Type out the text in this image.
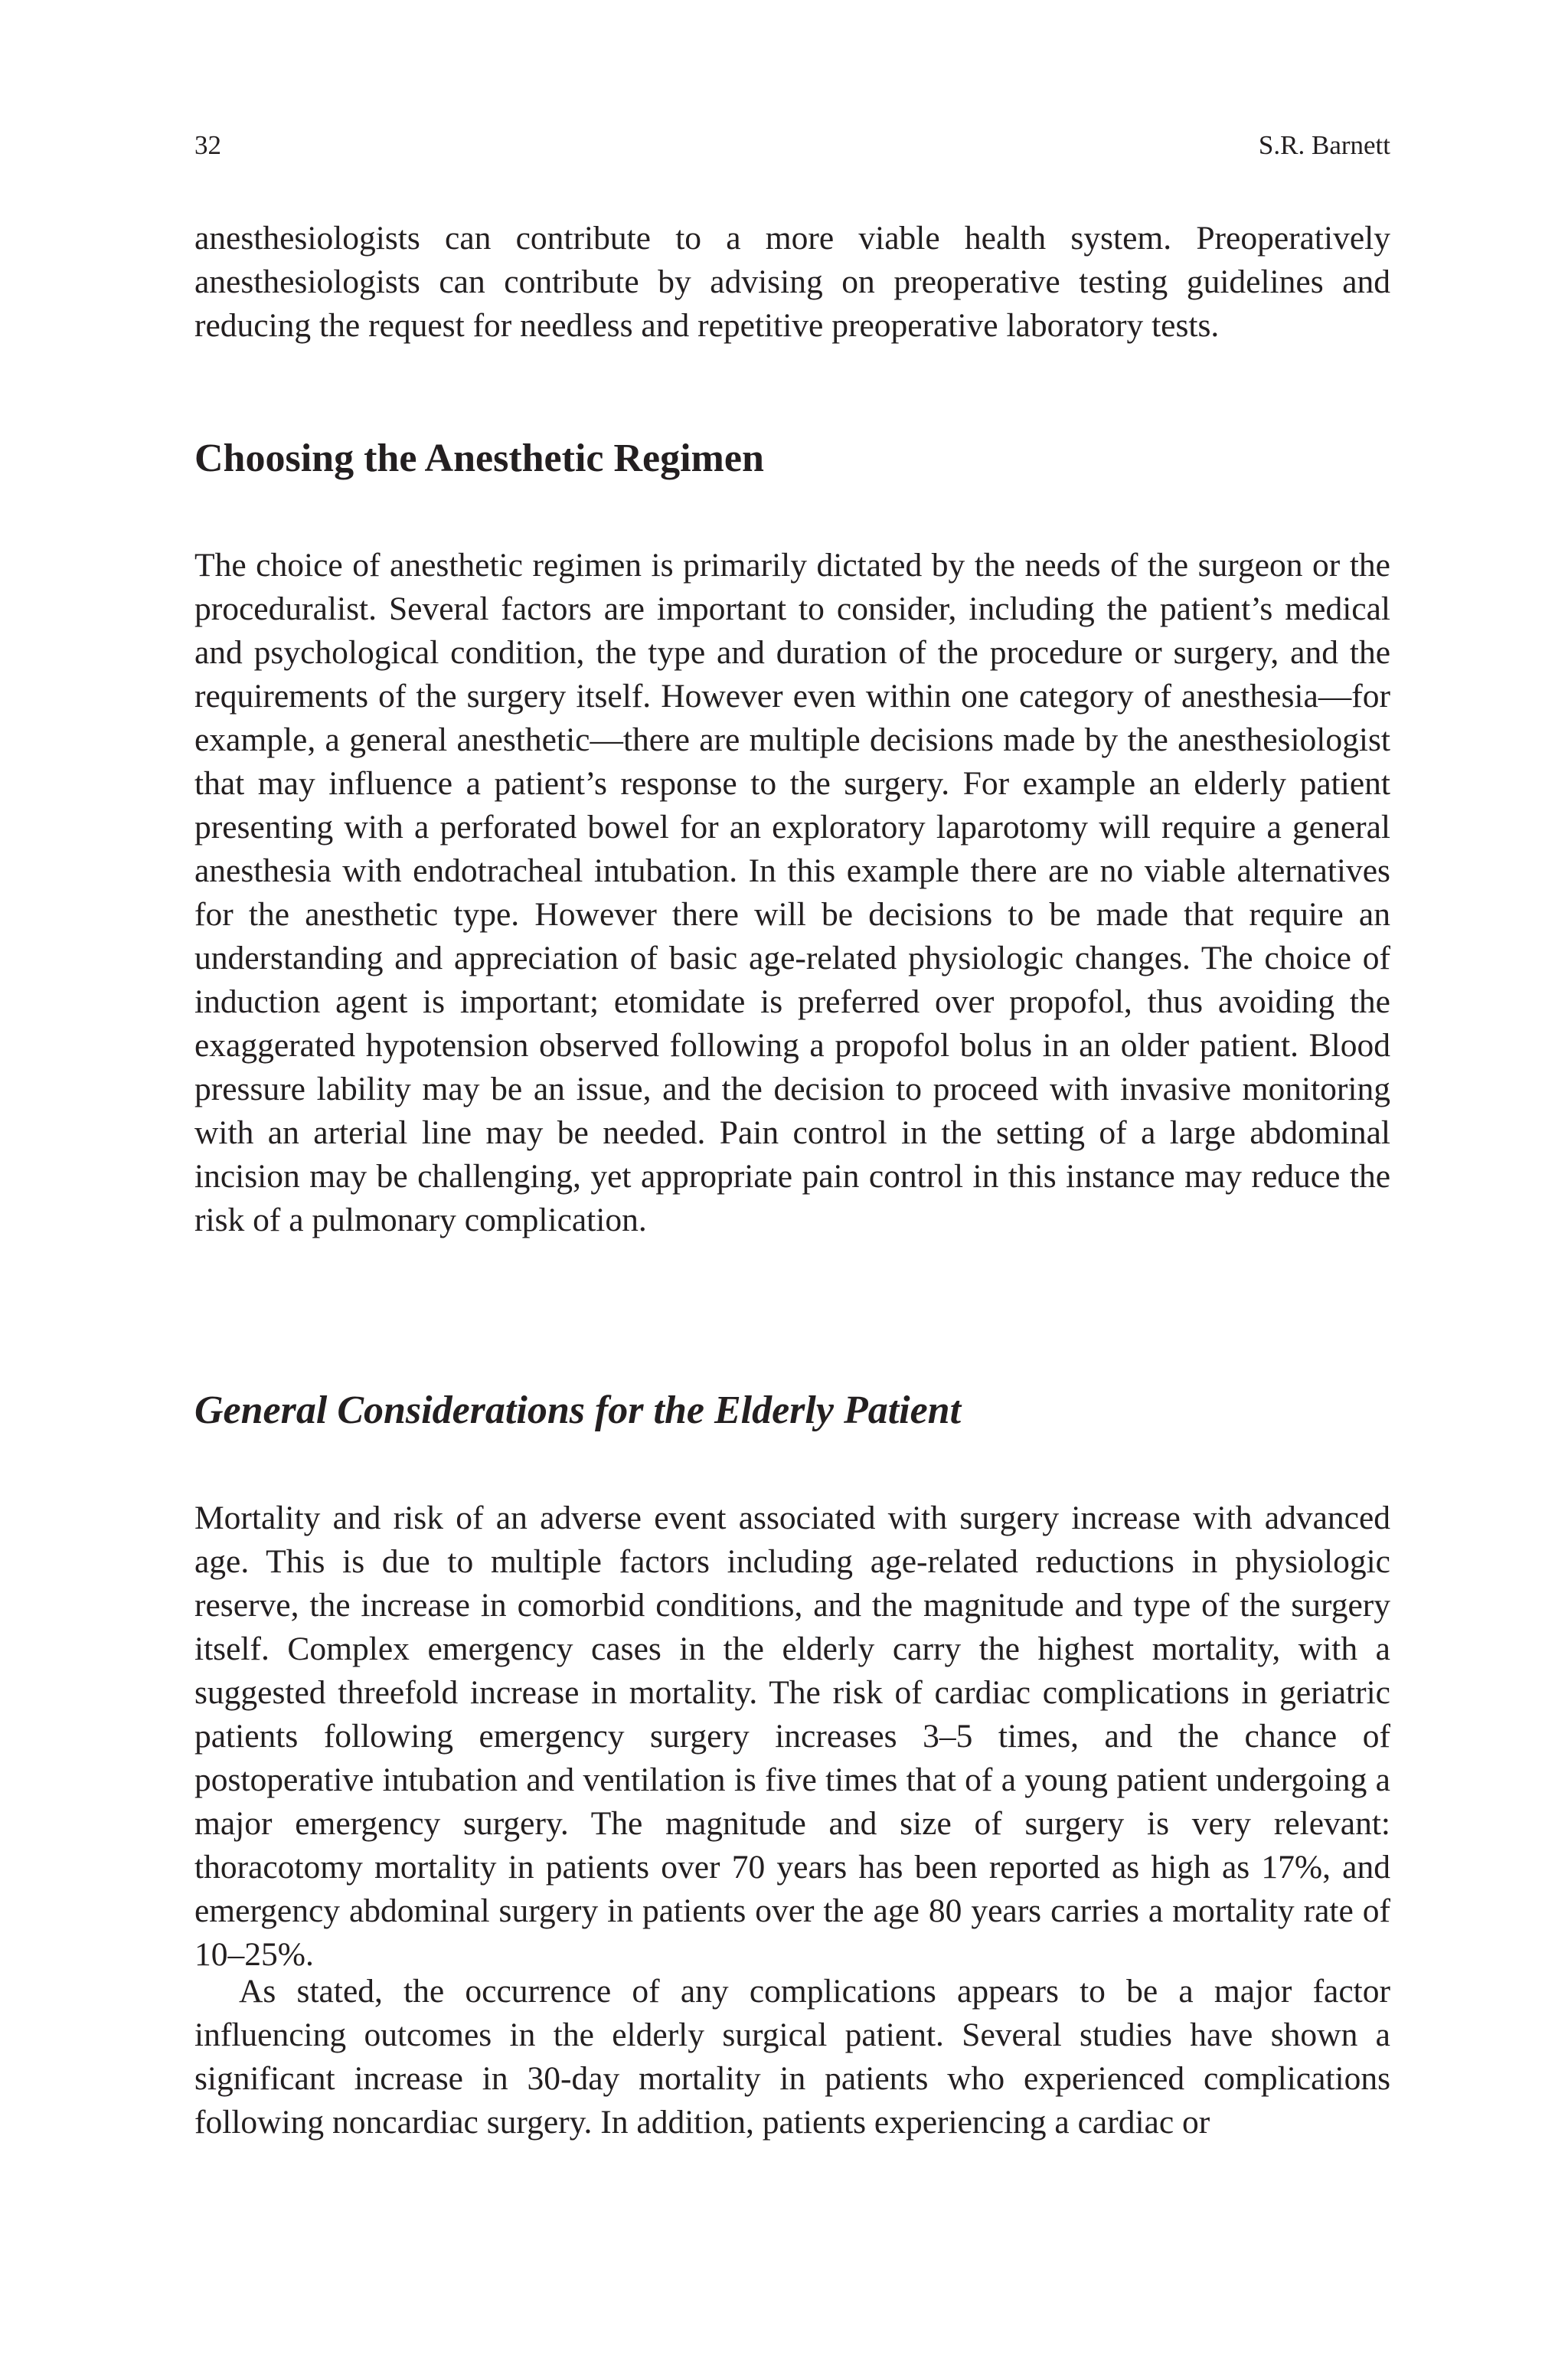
32	S.R. Barnett

anesthesiologists can contribute to a more viable health system. Preoperatively anesthesiologists can contribute by advising on preoperative testing guidelines and reducing the request for needless and repetitive preoperative laboratory tests.

Choosing the Anesthetic Regimen

The choice of anesthetic regimen is primarily dictated by the needs of the surgeon or the proceduralist. Several factors are important to consider, including the patient’s medical and psychological condition, the type and duration of the procedure or surgery, and the requirements of the surgery itself. However even within one category of anesthesia—for example, a general anesthetic—there are multiple decisions made by the anesthesiologist that may influence a patient’s response to the surgery. For example an elderly patient presenting with a perforated bowel for an exploratory laparotomy will require a general anesthesia with endotracheal intubation. In this example there are no viable alternatives for the anesthetic type. However there will be decisions to be made that require an understanding and appreciation of basic age-related physiologic changes. The choice of induction agent is important; etomidate is preferred over propofol, thus avoiding the exaggerated hypotension observed following a propofol bolus in an older patient. Blood pressure lability may be an issue, and the decision to proceed with invasive monitoring with an arterial line may be needed. Pain control in the setting of a large abdominal incision may be challenging, yet appropriate pain control in this instance may reduce the risk of a pulmonary complication.

General Considerations for the Elderly Patient

Mortality and risk of an adverse event associated with surgery increase with advanced age. This is due to multiple factors including age-related reductions in physiologic reserve, the increase in comorbid conditions, and the magnitude and type of the surgery itself. Complex emergency cases in the elderly carry the highest mortality, with a suggested threefold increase in mortality. The risk of cardiac complications in geriatric patients following emergency surgery increases 3–5 times, and the chance of postoperative intubation and ventilation is five times that of a young patient undergoing a major emergency surgery. The magnitude and size of surgery is very relevant: thoracotomy mortality in patients over 70 years has been reported as high as 17%, and emergency abdominal surgery in patients over the age 80 years carries a mortality rate of 10–25%.

As stated, the occurrence of any complications appears to be a major factor influencing outcomes in the elderly surgical patient. Several studies have shown a significant increase in 30-day mortality in patients who experienced complications following noncardiac surgery. In addition, patients experiencing a cardiac or
